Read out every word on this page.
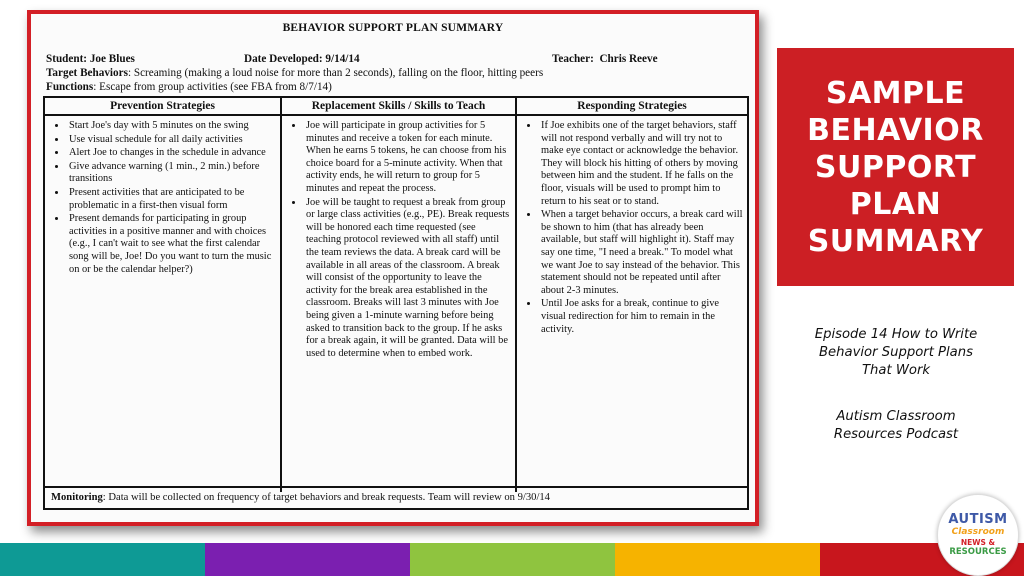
BEHAVIOR SUPPORT PLAN SUMMARY
Student: Joe Blues	Date Developed: 9/14/14	Teacher: Chris Reeve
Target Behaviors: Screaming (making a loud noise for more than 2 seconds), falling on the floor, hitting peers
Functions: Escape from group activities (see FBA from 8/7/14)
Prevention Strategies
• Start Joe's day with 5 minutes on the swing
• Use visual schedule for all daily activities
• Alert Joe to changes in the schedule in advance
• Give advance warning (1 min., 2 min.) before transitions
• Present activities that are anticipated to be problematic in a first-then visual form
• Present demands for participating in group activities in a positive manner and with choices (e.g., I can't wait to see what the first calendar song will be, Joe! Do you want to turn the music on or be the calendar helper?)
Replacement Skills / Skills to Teach
• Joe will participate in group activities for 5 minutes and receive a token for each minute. When he earns 5 tokens, he can choose from his choice board for a 5-minute activity. When that activity ends, he will return to group for 5 minutes and repeat the process.
• Joe will be taught to request a break from group or large class activities (e.g., PE). Break requests will be honored each time requested (see teaching protocol reviewed with all staff) until the team reviews the data. A break card will be available in all areas of the classroom. A break will consist of the opportunity to leave the activity for the break area established in the classroom. Breaks will last 3 minutes with Joe being given a 1-minute warning before being asked to transition back to the group. If he asks for a break again, it will be granted. Data will be used to determine when to embed work.
Responding Strategies
• If Joe exhibits one of the target behaviors, staff will not respond verbally and will try not to make eye contact or acknowledge the behavior. They will block his hitting of others by moving between him and the student. If he falls on the floor, visuals will be used to prompt him to return to his seat or to stand.
• When a target behavior occurs, a break card will be shown to him (that has already been available, but staff will highlight it). Staff may say one time, "I need a break." To model what we want Joe to say instead of the behavior. This statement should not be repeated until after about 2-3 minutes.
• Until Joe asks for a break, continue to give visual redirection for him to remain in the activity.
Monitoring: Data will be collected on frequency of target behaviors and break requests. Team will review on 9/30/14
SAMPLE
BEHAVIOR
SUPPORT
PLAN
SUMMARY
Episode 14 How to Write
Behavior Support Plans
That Work
Autism Classroom
Resources Podcast
AUTISM
Classroom
NEWS &
RESOURCES
